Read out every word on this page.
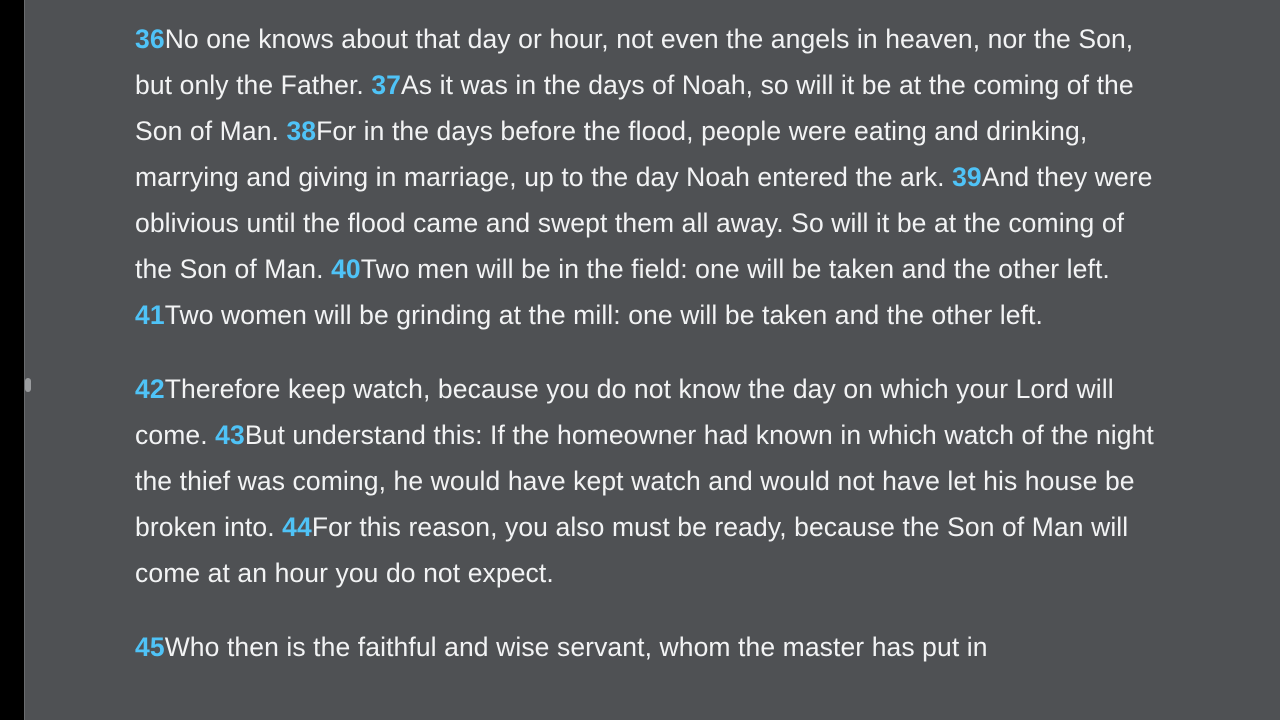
36No one knows about that day or hour, not even the angels in heaven, nor the Son, but only the Father. 37As it was in the days of Noah, so will it be at the coming of the Son of Man. 38For in the days before the flood, people were eating and drinking, marrying and giving in marriage, up to the day Noah entered the ark. 39And they were oblivious until the flood came and swept them all away. So will it be at the coming of the Son of Man. 40Two men will be in the field: one will be taken and the other left. 41Two women will be grinding at the mill: one will be taken and the other left.

42Therefore keep watch, because you do not know the day on which your Lord will come. 43But understand this: If the homeowner had known in which watch of the night the thief was coming, he would have kept watch and would not have let his house be broken into. 44For this reason, you also must be ready, because the Son of Man will come at an hour you do not expect.

45Who then is the faithful and wise servant, whom the master has put in
